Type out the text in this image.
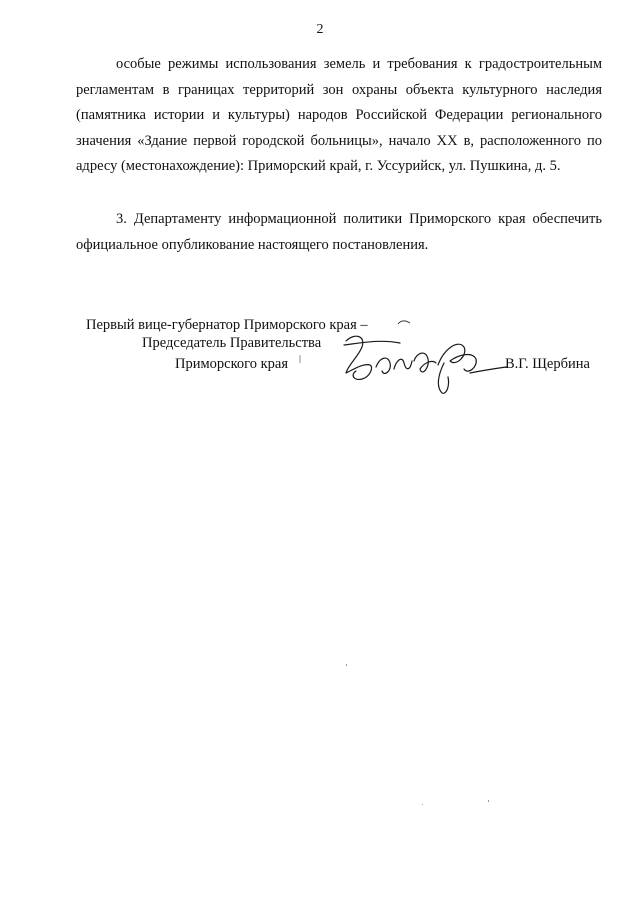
2

особые режимы использования земель и требования к градостроительным регламентам в границах территорий зон охраны объекта культурного наследия (памятника истории и культуры) народов Российской Федерации регионального значения «Здание первой городской больницы», начало XX в, расположенного по адресу (местонахождение): Приморский край, г. Уссурийск, ул. Пушкина, д. 5.

3. Департаменту информационной политики Приморского края обеспечить официальное опубликование настоящего постановления.

Первый вице-губернатор Приморского края –
Председатель Правительства
Приморского края	В.Г. Щербина
